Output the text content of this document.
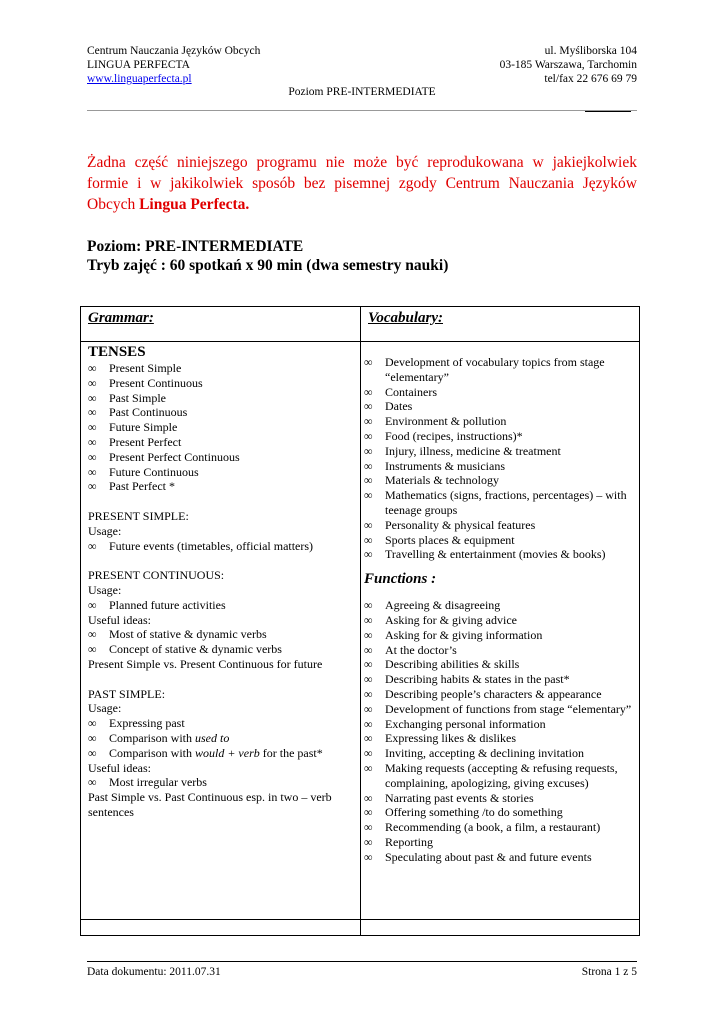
Centrum Nauczania Języków Obcych
LINGUA PERFECTA
www.linguaperfecta.pl
ul. Myśliborska 104
03-185 Warszawa, Tarchomin
tel/fax 22 676 69 79
Poziom PRE-INTERMEDIATE
Żadna część niniejszego programu nie może być reprodukowana w jakiejkolwiek formie i w jakikolwiek sposób bez pisemnej zgody Centrum Nauczania Języków Obcych Lingua Perfecta.
Poziom: PRE-INTERMEDIATE
Tryb zajęć : 60 spotkań x 90 min (dwa semestry nauki)
Grammar:	Vocabulary:
TENSES
∞ Present Simple
∞ Present Continuous
∞ Past Simple
∞ Past Continuous
∞ Future Simple
∞ Present Perfect
∞ Present Perfect Continuous
∞ Future Continuous
∞ Past Perfect *
PRESENT SIMPLE:
Usage:
∞ Future events (timetables, official matters)
PRESENT CONTINUOUS:
Usage:
∞ Planned future activities
Useful ideas:
∞ Most of stative & dynamic verbs
∞ Concept of stative & dynamic verbs
Present Simple vs. Present Continuous for future
PAST SIMPLE:
Usage:
∞ Expressing past
∞ Comparison with used to
∞ Comparison with would + verb for the past*
Useful ideas:
∞ Most irregular verbs
Past Simple vs. Past Continuous esp. in two – verb sentences
∞ Development of vocabulary topics from stage “elementary”
∞ Containers
∞ Dates
∞ Environment & pollution
∞ Food (recipes, instructions)*
∞ Injury, illness, medicine & treatment
∞ Instruments & musicians
∞ Materials & technology
∞ Mathematics (signs, fractions, percentages) – with teenage groups
∞ Personality & physical features
∞ Sports places & equipment
∞ Travelling & entertainment (movies & books)
Functions :
∞ Agreeing & disagreeing
∞ Asking for & giving advice
∞ Asking for & giving information
∞ At the doctor’s
∞ Describing abilities & skills
∞ Describing habits & states in the past*
∞ Describing people’s characters & appearance
∞ Development of functions from stage “elementary”
∞ Exchanging personal information
∞ Expressing likes & dislikes
∞ Inviting, accepting & declining invitation
∞ Making requests (accepting & refusing requests, complaining, apologizing, giving excuses)
∞ Narrating past events & stories
∞ Offering something /to do something
∞ Recommending (a book, a film, a restaurant)
∞ Reporting
∞ Speculating about past & and future events
Data dokumentu: 2011.07.31	Strona 1 z 5
